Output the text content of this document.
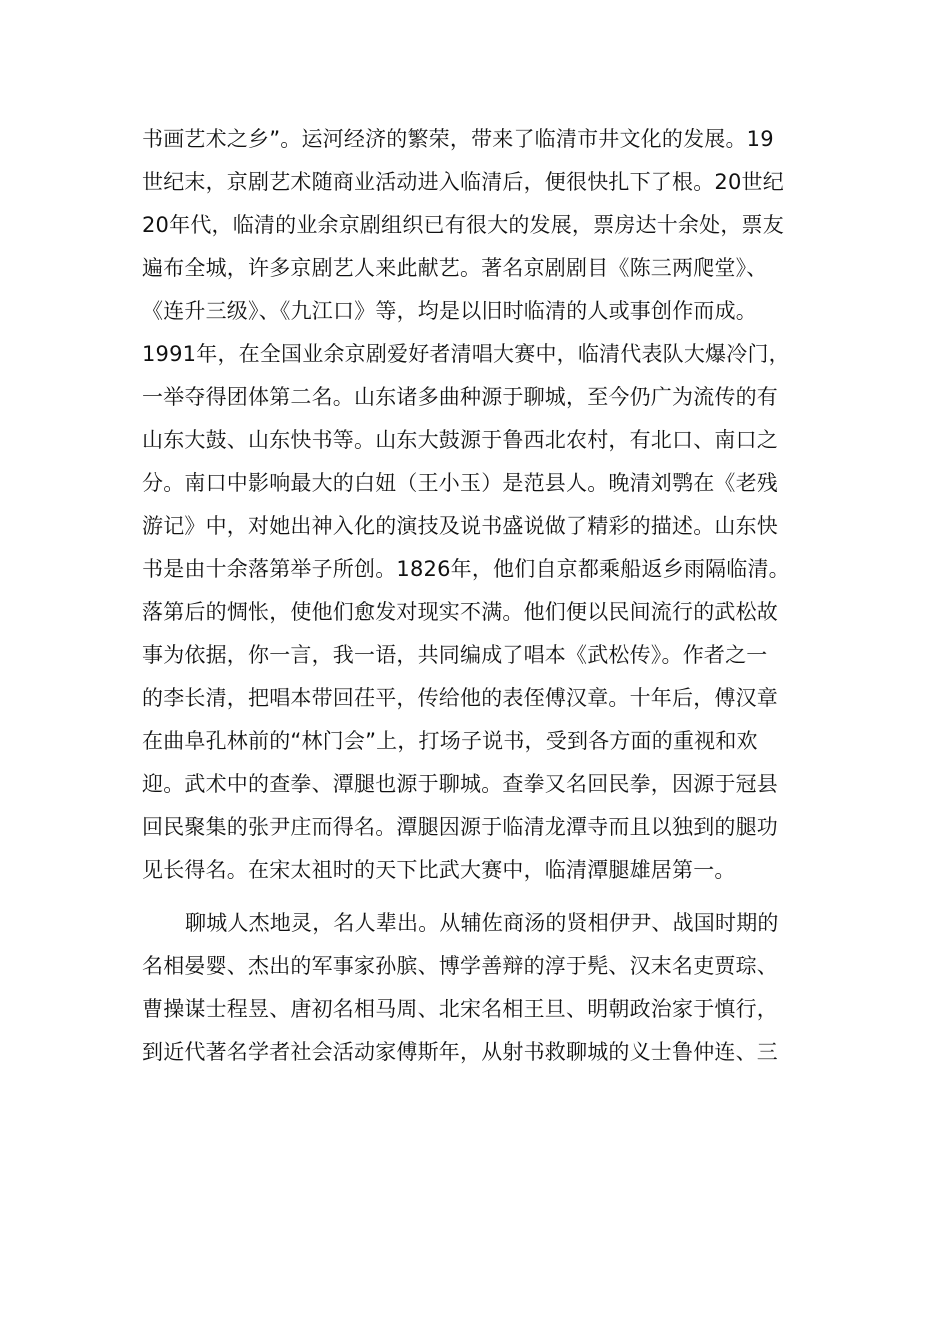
书画艺术之乡”。运河经济的繁荣，带来了临清市井文化的发展。19
世纪末，京剧艺术随商业活动进入临清后，便很快扎下了根。20世纪
20年代，临清的业余京剧组织已有很大的发展，票房达十余处，票友
遍布全城，许多京剧艺人来此献艺。著名京剧剧目《陈三两爬堂》、
《连升三级》、《九江口》等，均是以旧时临清的人或事创作而成。
1991年，在全国业余京剧爱好者清唱大赛中，临清代表队大爆冷门，
一举夺得团体第二名。山东诸多曲种源于聊城，至今仍广为流传的有
山东大鼓、山东快书等。山东大鼓源于鲁西北农村，有北口、南口之
分。南口中影响最大的白妞（王小玉）是范县人。晚清刘鹗在《老残
游记》中，对她出神入化的演技及说书盛说做了精彩的描述。山东快
书是由十余落第举子所创。1826年，他们自京都乘船返乡雨隔临清。
落第后的惆怅，使他们愈发对现实不满。他们便以民间流行的武松故
事为依据，你一言，我一语，共同编成了唱本《武松传》。作者之一
的李长清，把唱本带回茌平，传给他的表侄傅汉章。十年后，傅汉章
在曲阜孔林前的“林门会”上，打场子说书，受到各方面的重视和欢
迎。武术中的查拳、潭腿也源于聊城。查拳又名回民拳，因源于冠县
回民聚集的张尹庄而得名。潭腿因源于临清龙潭寺而且以独到的腿功
见长得名。在宋太祖时的天下比武大赛中，临清潭腿雄居第一。
聊城人杰地灵，名人辈出。从辅佐商汤的贤相伊尹、战国时期的
名相晏婴、杰出的军事家孙膑、博学善辩的淳于髡、汉末名吏贾琮、
曹操谋士程昱、唐初名相马周、北宋名相王旦、明朝政治家于慎行，
到近代著名学者社会活动家傅斯年，从射书救聊城的义士鲁仲连、三
